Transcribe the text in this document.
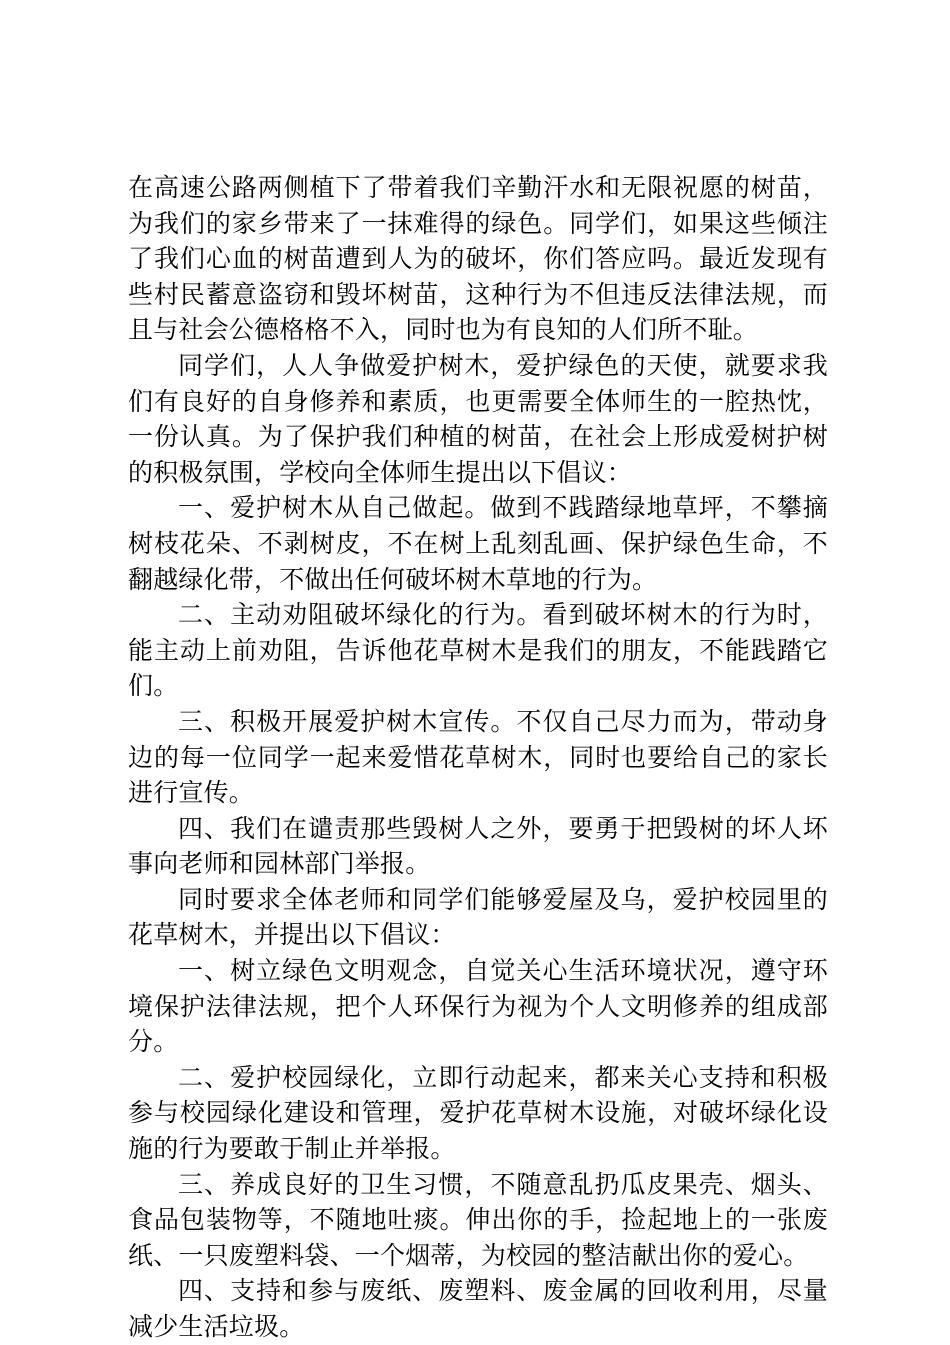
在高速公路两侧植下了带着我们辛勤汗水和无限祝愿的树苗，为我们的家乡带来了一抹难得的绿色。同学们，如果这些倾注了我们心血的树苗遭到人为的破坏，你们答应吗。最近发现有些村民蓄意盗窃和毁坏树苗，这种行为不但违反法律法规，而且与社会公德格格不入，同时也为有良知的人们所不耻。

同学们，人人争做爱护树木，爱护绿色的天使，就要求我们有良好的自身修养和素质，也更需要全体师生的一腔热忱，一份认真。为了保护我们种植的树苗，在社会上形成爱树护树的积极氛围，学校向全体师生提出以下倡议：

一、爱护树木从自己做起。做到不践踏绿地草坪，不攀摘树枝花朵、不剥树皮，不在树上乱刻乱画、保护绿色生命，不翻越绿化带，不做出任何破坏树木草地的行为。

二、主动劝阻破坏绿化的行为。看到破坏树木的行为时，能主动上前劝阻，告诉他花草树木是我们的朋友，不能践踏它们。

三、积极开展爱护树木宣传。不仅自己尽力而为，带动身边的每一位同学一起来爱惜花草树木，同时也要给自己的家长进行宣传。

四、我们在谴责那些毁树人之外，要勇于把毁树的坏人坏事向老师和园林部门举报。

同时要求全体老师和同学们能够爱屋及乌，爱护校园里的花草树木，并提出以下倡议：

一、树立绿色文明观念，自觉关心生活环境状况，遵守环境保护法律法规，把个人环保行为视为个人文明修养的组成部分。

二、爱护校园绿化，立即行动起来，都来关心支持和积极参与校园绿化建设和管理，爱护花草树木设施，对破坏绿化设施的行为要敢于制止并举报。

三、养成良好的卫生习惯，不随意乱扔瓜皮果壳、烟头、食品包装物等，不随地吐痰。伸出你的手，捡起地上的一张废纸、一只废塑料袋、一个烟蒂，为校园的整洁献出你的爱心。

四、支持和参与废纸、废塑料、废金属的回收利用，尽量减少生活垃圾。
